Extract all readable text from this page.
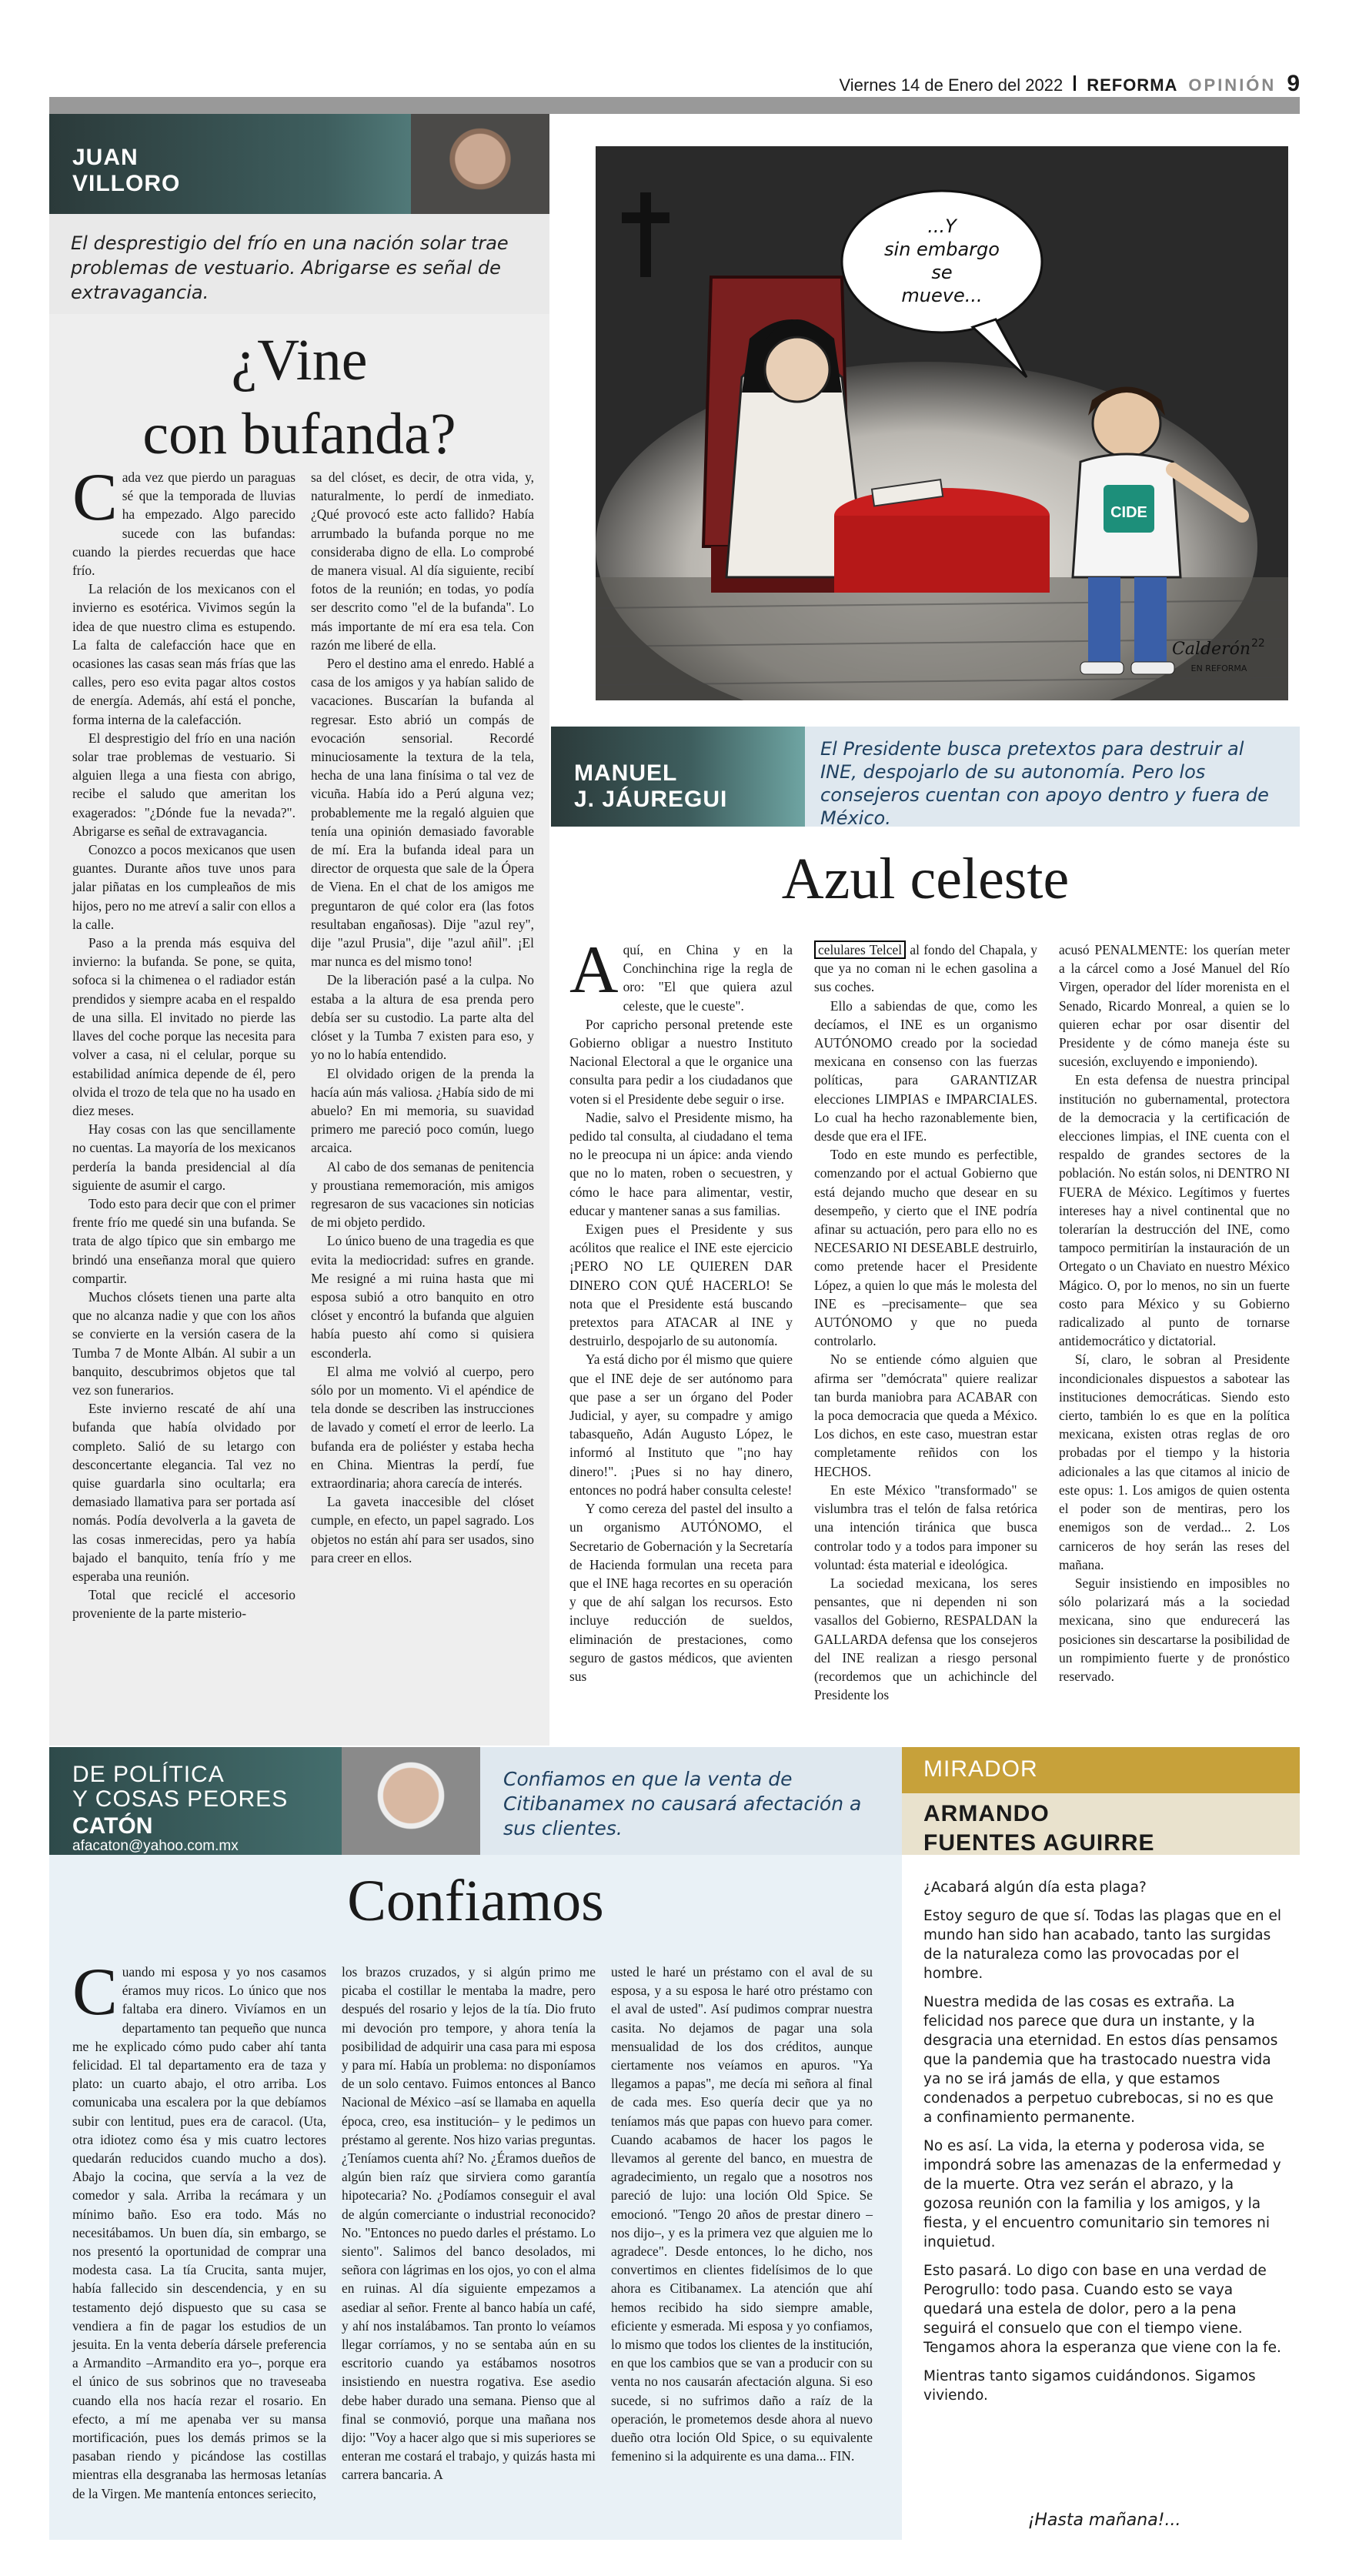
Viernes 14 de Enero del 2022 REFORMA OPINIÓN 9
JUAN
VILLORO
El desprestigio del frío en una nación solar trae problemas de vestuario. Abrigarse es señal de extravagancia.
¿Vine
con bufanda?
C ada vez que pierdo un paraguas sé que la temporada de lluvias ha empezado. Algo parecido sucede con las bufandas: cuando la pierdes recuerdas que hace frío.

La relación de los mexicanos con el invierno es esotérica. Vivimos según la idea de que nuestro clima es estupendo. La falta de calefacción hace que en ocasiones las casas sean más frías que las calles, pero eso evita pagar altos costos de energía. Además, ahí está el ponche, forma interna de la calefacción.

El desprestigio del frío en una nación solar trae problemas de vestuario. Si alguien llega a una fiesta con abrigo, recibe el saludo que ameritan los exagerados: "¿Dónde fue la nevada?". Abrigarse es señal de extravagancia.

Conozco a pocos mexicanos que usen guantes. Durante años tuve unos para jalar piñatas en los cumpleaños de mis hijos, pero no me atreví a salir con ellos a la calle.

Paso a la prenda más esquiva del invierno: la bufanda. Se pone, se quita, sofoca si la chimenea o el radiador están prendidos y siempre acaba en el respaldo de una silla. El invitado no pierde las llaves del coche porque las necesita para volver a casa, ni el celular, porque su estabilidad anímica depende de él, pero olvida el trozo de tela que no ha usado en diez meses.

Hay cosas con las que sencillamente no cuentas. La mayoría de los mexicanos perdería la banda presidencial al día siguiente de asumir el cargo.

Todo esto para decir que con el primer frente frío me quedé sin una bufanda. Se trata de algo típico que sin embargo me brindó una enseñanza moral que quiero compartir.

Muchos clósets tienen una parte alta que no alcanza nadie y que con los años se convierte en la versión casera de la Tumba 7 de Monte Albán. Al subir a un banquito, descubrimos objetos que tal vez son funerarios.

Este invierno rescaté de ahí una bufanda que había olvidado por completo. Salió de su letargo con desconcertante elegancia. Tal vez no quise guardarla sino ocultarla; era demasiado llamativa para ser portada así nomás. Podía devolverla a la gaveta de las cosas inmerecidas, pero ya había bajado el banquito, tenía frío y me esperaba una reunión.

Total que reciclé el accesorio proveniente de la parte misterio-

sa del clóset, es decir, de otra vida, y, naturalmente, lo perdí de inmediato. ¿Qué provocó este acto fallido? Había arrumbado la bufanda porque no me consideraba digno de ella. Lo comprobé de manera visual. Al día siguiente, recibí fotos de la reunión; en todas, yo podía ser descrito como "el de la bufanda". Lo más importante de mí era esa tela. Con razón me liberé de ella.

Pero el destino ama el enredo. Hablé a casa de los amigos y ya habían salido de vacaciones. Buscarían la bufanda al regresar. Esto abrió un compás de evocación sensorial. Recordé minuciosamente la textura de la tela, hecha de una lana finísima o tal vez de vicuña. Había ido a Perú alguna vez; probablemente me la regaló alguien que tenía una opinión demasiado favorable de mí. Era la bufanda ideal para un director de orquesta que sale de la Ópera de Viena. En el chat de los amigos me preguntaron de qué color era (las fotos resultaban engañosas). Dije "azul rey", dije "azul Prusia", dije "azul añil". ¡El mar nunca es del mismo tono!

De la liberación pasé a la culpa. No estaba a la altura de esa prenda pero debía ser su custodio. La parte alta del clóset y la Tumba 7 existen para eso, y yo no lo había entendido.

El olvidado origen de la prenda la hacía aún más valiosa. ¿Había sido de mi abuelo? En mi memoria, su suavidad primero me pareció poco común, luego arcaica.

Al cabo de dos semanas de penitencia y proustiana rememoración, mis amigos regresaron de sus vacaciones sin noticias de mi objeto perdido.

Lo único bueno de una tragedia es que evita la mediocridad: sufres en grande. Me resigné a mi ruina hasta que mi esposa subió a otro banquito en otro clóset y encontró la bufanda que alguien había puesto ahí como si quisiera esconderla.

El alma me volvió al cuerpo, pero sólo por un momento. Vi el apéndice de tela donde se describen las instrucciones de lavado y cometí el error de leerlo. La bufanda era de poliéster y estaba hecha en China. Mientras la perdí, fue extraordinaria; ahora carecía de interés.

La gaveta inaccesible del clóset cumple, en efecto, un papel sagrado. Los objetos no están ahí para ser usados, sino para creer en ellos.

...Y
sin embargo
se
mueve...
CIDE
Calderón 22
EN REFORMA
MANUEL
J. JÁUREGUI
El Presidente busca pretextos para destruir al INE, despojarlo de su autonomía. Pero los consejeros cuentan con apoyo dentro y fuera de México.
Azul celeste
A quí, en China y en la Conchinchina rige la regla de oro: "El que quiera azul celeste, que le cueste".

Por capricho personal pretende este Gobierno obligar a nuestro Instituto Nacional Electoral a que le organice una consulta para pedir a los ciudadanos que voten si el Presidente debe seguir o irse.

Nadie, salvo el Presidente mismo, ha pedido tal consulta, al ciudadano el tema no le preocupa ni un ápice: anda viendo que no lo maten, roben o secuestren, y cómo le hace para alimentar, vestir, educar y mantener sanas a sus familias.

Exigen pues el Presidente y sus acólitos que realice el INE este ejercicio ¡PERO NO LE QUIEREN DAR DINERO CON QUÉ HACERLO! Se nota que el Presidente está buscando pretextos para ATACAR al INE y destruirlo, despojarlo de su autonomía.

Ya está dicho por él mismo que quiere que el INE deje de ser autónomo para que pase a ser un órgano del Poder Judicial, y ayer, su compadre y amigo tabasqueño, Adán Augusto López, le informó al Instituto que "¡no hay dinero!". ¡Pues si no hay dinero, entonces no podrá haber consulta celeste!

Y como cereza del pastel del insulto a un organismo AUTÓNOMO, el Secretario de Gobernación y la Secretaría de Hacienda formulan una receta para que el INE haga recortes en su operación y que de ahí salgan los recursos. Esto incluye reducción de sueldos, eliminación de prestaciones, como seguro de gastos médicos, que avienten sus

celulares Telcel al fondo del Chapala, y que ya no coman ni le echen gasolina a sus coches.

Ello a sabiendas de que, como les decíamos, el INE es un organismo AUTÓNOMO creado por la sociedad mexicana en consenso con las fuerzas políticas, para GARANTIZAR elecciones LIMPIAS e IMPARCIALES. Lo cual ha hecho razonablemente bien, desde que era el IFE.

Todo en este mundo es perfectible, comenzando por el actual Gobierno que está dejando mucho que desear en su desempeño, y cierto que el INE podría afinar su actuación, pero para ello no es NECESARIO NI DESEABLE destruirlo, como pretende hacer el Presidente López, a quien lo que más le molesta del INE es –precisamente– que sea AUTÓNOMO y que no pueda controlarlo.

No se entiende cómo alguien que afirma ser "demócrata" quiere realizar tan burda maniobra para ACABAR con la poca democracia que queda a México. Los dichos, en este caso, muestran estar completamente reñidos con los HECHOS.

En este México "transformado" se vislumbra tras el telón de falsa retórica una intención tiránica que busca controlar todo y a todos para imponer su voluntad: ésta material e ideológica.

La sociedad mexicana, los seres pensantes, que ni dependen ni son vasallos del Gobierno, RESPALDAN la GALLARDA defensa que los consejeros del INE realizan a riesgo personal (recordemos que un achichincle del Presidente los

acusó PENALMENTE: los querían meter a la cárcel como a José Manuel del Río Virgen, operador del líder morenista en el Senado, Ricardo Monreal, a quien se lo quieren echar por osar disentir del Presidente y de cómo maneja éste su sucesión, excluyendo e imponiendo).

En esta defensa de nuestra principal institución no gubernamental, protectora de la democracia y la certificación de elecciones limpias, el INE cuenta con el respaldo de grandes sectores de la población. No están solos, ni DENTRO NI FUERA de México. Legítimos y fuertes intereses hay a nivel continental que no tolerarían la destrucción del INE, como tampoco permitirían la instauración de un Ortegato o un Chaviato en nuestro México Mágico. O, por lo menos, no sin un fuerte costo para México y su Gobierno radicalizado al punto de tornarse antidemocrático y dictatorial.

Sí, claro, le sobran al Presidente incondicionales dispuestos a sabotear las instituciones democráticas. Siendo esto cierto, también lo es que en la política mexicana, existen otras reglas de oro probadas por el tiempo y la historia adicionales a las que citamos al inicio de este opus: 1. Los amigos de quien ostenta el poder son de mentiras, pero los enemigos son de verdad... 2. Los carniceros de hoy serán las reses del mañana.

Seguir insistiendo en imposibles no sólo polarizará más a la sociedad mexicana, sino que endurecerá las posiciones sin descartarse la posibilidad de un rompimiento fuerte y de pronóstico reservado.

DE POLÍTICA
Y COSAS PEORES
CATÓN
afacaton@yahoo.com.mx
Confiamos en que la venta de Citibanamex no causará afectación a sus clientes.
Confiamos
C uando mi esposa y yo nos casamos éramos muy ricos. Lo único que nos faltaba era dinero. Vivíamos en un departamento tan pequeño que nunca me he explicado cómo pudo caber ahí tanta felicidad. El tal departamento era de taza y plato: un cuarto abajo, el otro arriba. Los comunicaba una escalera por la que debíamos subir con lentitud, pues era de caracol. (Uta, otra idiotez como ésa y mis cuatro lectores quedarán reducidos cuando mucho a dos). Abajo la cocina, que servía a la vez de comedor y sala. Arriba la recámara y un mínimo baño. Eso era todo. Más no necesitábamos. Un buen día, sin embargo, se nos presentó la oportunidad de comprar una modesta casa. La tía Crucita, santa mujer, había fallecido sin descendencia, y en su testamento dejó dispuesto que su casa se vendiera a fin de pagar los estudios de un jesuita. En la venta debería dársele preferencia a Armandito –Armandito era yo–, porque era el único de sus sobrinos que no traveseaba cuando ella nos hacía rezar el rosario. En efecto, a mí me apenaba ver su mansa mortificación, pues los demás primos se la pasaban riendo y picándose las costillas mientras ella desgranaba las hermosas letanías de la Virgen. Me mantenía entonces seriecito,
los brazos cruzados, y si algún primo me picaba el costillar le mentaba la madre, pero después del rosario y lejos de la tía. Dio fruto mi devoción pro tempore, y ahora tenía la posibilidad de adquirir una casa para mi esposa y para mí. Había un problema: no disponíamos de un solo centavo. Fuimos entonces al Banco Nacional de México –así se llamaba en aquella época, creo, esa institución– y le pedimos un préstamo al gerente. Nos hizo varias preguntas. ¿Teníamos cuenta ahí? No. ¿Éramos dueños de algún bien raíz que sirviera como garantía hipotecaria? No. ¿Podíamos conseguir el aval de algún comerciante o industrial reconocido? No. "Entonces no puedo darles el préstamo. Lo siento". Salimos del banco desolados, mi señora con lágrimas en los ojos, yo con el alma en ruinas. Al día siguiente empezamos a asediar al señor. Frente al banco había un café, y ahí nos instalábamos. Tan pronto lo veíamos llegar corríamos, y no se sentaba aún en su escritorio cuando ya estábamos nosotros insistiendo en nuestra rogativa. Ese asedio debe haber durado una semana. Pienso que al final se conmovió, porque una mañana nos dijo: "Voy a hacer algo que si mis superiores se enteran me costará el trabajo, y quizás hasta mi carrera bancaria. A
usted le haré un préstamo con el aval de su esposa, y a su esposa le haré otro préstamo con el aval de usted". Así pudimos comprar nuestra casita. No dejamos de pagar una sola mensualidad de los dos créditos, aunque ciertamente nos veíamos en apuros. "Ya llegamos a papas", me decía mi señora al final de cada mes. Eso quería decir que ya no teníamos más que papas con huevo para comer. Cuando acabamos de hacer los pagos le llevamos al gerente del banco, en muestra de agradecimiento, un regalo que a nosotros nos pareció de lujo: una loción Old Spice. Se emocionó. "Tengo 20 años de prestar dinero –nos dijo–, y es la primera vez que alguien me lo agradece". Desde entonces, lo he dicho, nos convertimos en clientes fidelísimos de lo que ahora es Citibanamex. La atención que ahí hemos recibido ha sido siempre amable, eficiente y esmerada. Mi esposa y yo confiamos, lo mismo que todos los clientes de la institución, en que los cambios que se van a producir con su venta no nos causarán afectación alguna. Si eso sucede, si no sufrimos daño a raíz de la operación, le prometemos desde ahora al nuevo dueño otra loción Old Spice, o su equivalente femenino si la adquirente es una dama... FIN.
MIRADOR
ARMANDO
FUENTES AGUIRRE

¿Acabará algún día esta plaga?

Estoy seguro de que sí. Todas las plagas que en el mundo han sido han acabado, tanto las surgidas de la naturaleza como las provocadas por el hombre.

Nuestra medida de las cosas es extraña. La felicidad nos parece que dura un instante, y la desgracia una eternidad. En estos días pensamos que la pandemia que ha trastocado nuestra vida ya no se irá jamás de ella, y que estamos condenados a perpetuo cubrebocas, si no es que a confinamiento permanente.

No es así. La vida, la eterna y poderosa vida, se impondrá sobre las amenazas de la enfermedad y de la muerte. Otra vez serán el abrazo, y la gozosa reunión con la familia y los amigos, y la fiesta, y el encuentro comunitario sin temores ni inquietud.

Esto pasará. Lo digo con base en una verdad de Perogrullo: todo pasa. Cuando esto se vaya quedará una estela de dolor, pero a la pena seguirá el consuelo que con el tiempo viene. Tengamos ahora la esperanza que viene con la fe.

Mientras tanto sigamos cuidándonos. Sigamos viviendo.

¡Hasta mañana!...
